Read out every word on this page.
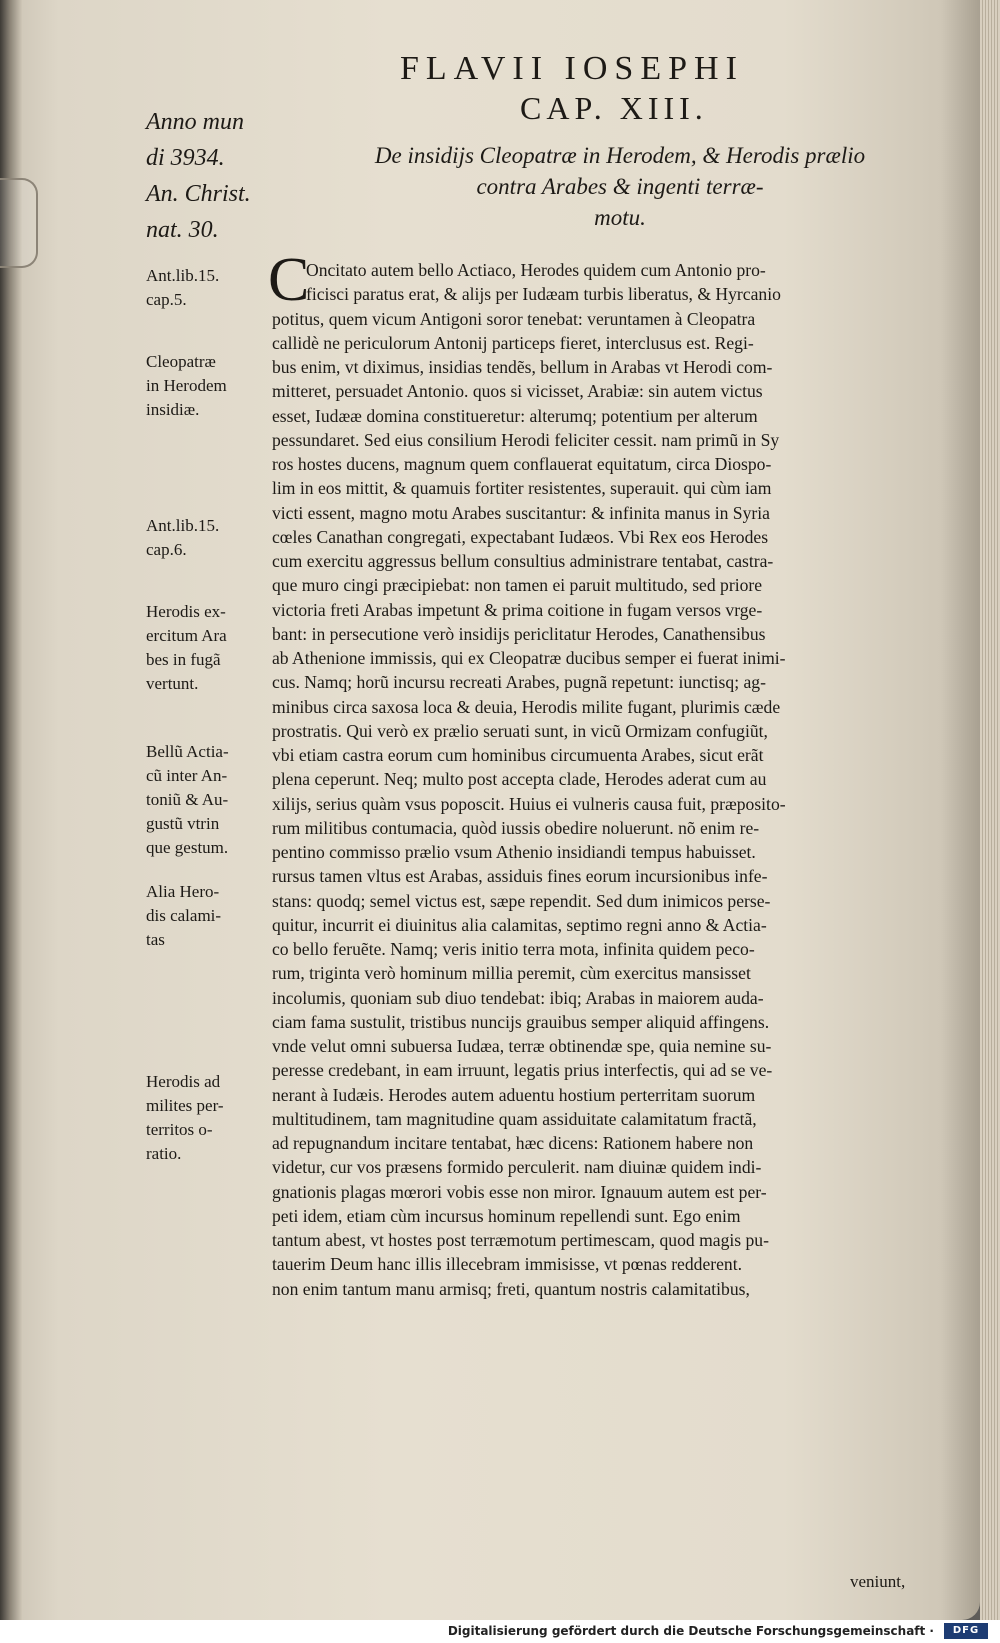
FLAVII IOSEPHI
CAP. XIII.
De insidijs Cleopatræ in Herodem, & Herodis prælio
contra Arabes & ingenti terræ-
motu.
Anno mun
di 3934.
An. Christ.
nat. 30.
Ant.lib.15.
cap.5.
Cleopatræ
in Herodem
insidiæ.
Ant.lib.15.
cap.6.
Herodis ex-
ercitum Ara
bes in fugã
vertunt.
Bellũ Actia-
cũ inter An-
toniũ & Au-
gustũ vtrin
que gestum.
Alia Hero-
dis calami-
tas
Herodis ad
milites per-
territos o-
ratio.
C
Oncitato autem bello Actiaco, Herodes quidem cum Antonio pro-
ficisci paratus erat, & alijs per Iudæam turbis liberatus, & Hyrcanio
potitus, quem vicum Antigoni soror tenebat: veruntamen à Cleopatra
callidè ne periculorum Antonij particeps fieret, interclusus est. Regi-
bus enim, vt diximus, insidias tendẽs, bellum in Arabas vt Herodi com-
mitteret, persuadet Antonio. quos si vicisset, Arabiæ: sin autem victus
esset, Iudææ domina constitueretur: alterumq; potentium per alterum
pessundaret. Sed eius consilium Herodi feliciter cessit. nam primũ in Sy
ros hostes ducens, magnum quem conflauerat equitatum, circa Diospo-
lim in eos mittit, & quamuis fortiter resistentes, superauit. qui cùm iam
victi essent, magno motu Arabes suscitantur: & infinita manus in Syria
cœles Canathan congregati, expectabant Iudæos. Vbi Rex eos Herodes
cum exercitu aggressus bellum consultius administrare tentabat, castra-
que muro cingi præcipiebat: non tamen ei paruit multitudo, sed priore
victoria freti Arabas impetunt & prima coitione in fugam versos vrge-
bant: in persecutione verò insidijs periclitatur Herodes, Canathensibus
ab Athenione immissis, qui ex Cleopatræ ducibus semper ei fuerat inimi-
cus. Namq; horũ incursu recreati Arabes, pugnã repetunt: iunctisq; ag-
minibus circa saxosa loca & deuia, Herodis milite fugant, plurimis cæde
prostratis. Qui verò ex prælio seruati sunt, in vicũ Ormizam confugiũt,
vbi etiam castra eorum cum hominibus circumuenta Arabes, sicut erãt
plena ceperunt. Neq; multo post accepta clade, Herodes aderat cum au
xilijs, serius quàm vsus poposcit. Huius ei vulneris causa fuit, præposito-
rum militibus contumacia, quòd iussis obedire noluerunt. nõ enim re-
pentino commisso prælio vsum Athenio insidiandi tempus habuisset.
rursus tamen vltus est Arabas, assiduis fines eorum incursionibus infe-
stans: quodq; semel victus est, sæpe rependit. Sed dum inimicos perse-
quitur, incurrit ei diuinitus alia calamitas, septimo regni anno & Actia-
co bello feruẽte. Namq; veris initio terra mota, infinita quidem peco-
rum, triginta verò hominum millia peremit, cùm exercitus mansisset
incolumis, quoniam sub diuo tendebat: ibiq; Arabas in maiorem auda-
ciam fama sustulit, tristibus nuncijs grauibus semper aliquid affingens.
vnde velut omni subuersa Iudæa, terræ obtinendæ spe, quia nemine su-
peresse credebant, in eam irruunt, legatis prius interfectis, qui ad se ve-
nerant à Iudæis. Herodes autem aduentu hostium perterritam suorum
multitudinem, tam magnitudine quam assiduitate calamitatum fractã,
ad repugnandum incitare tentabat, hæc dicens: Rationem habere non
videtur, cur vos præsens formido perculerit. nam diuinæ quidem indi-
gnationis plagas mœrori vobis esse non miror. Ignauum autem est per-
peti idem, etiam cùm incursus hominum repellendi sunt. Ego enim
tantum abest, vt hostes post terræmotum pertimescam, quod magis pu-
tauerim Deum hanc illis illecebram immisisse, vt pœnas redderent.
non enim tantum manu armisq; freti, quantum nostris calamitatibus,
veniunt,
Digitalisierung gefördert durch die Deutsche Forschungsgemeinschaft ·	DFG
